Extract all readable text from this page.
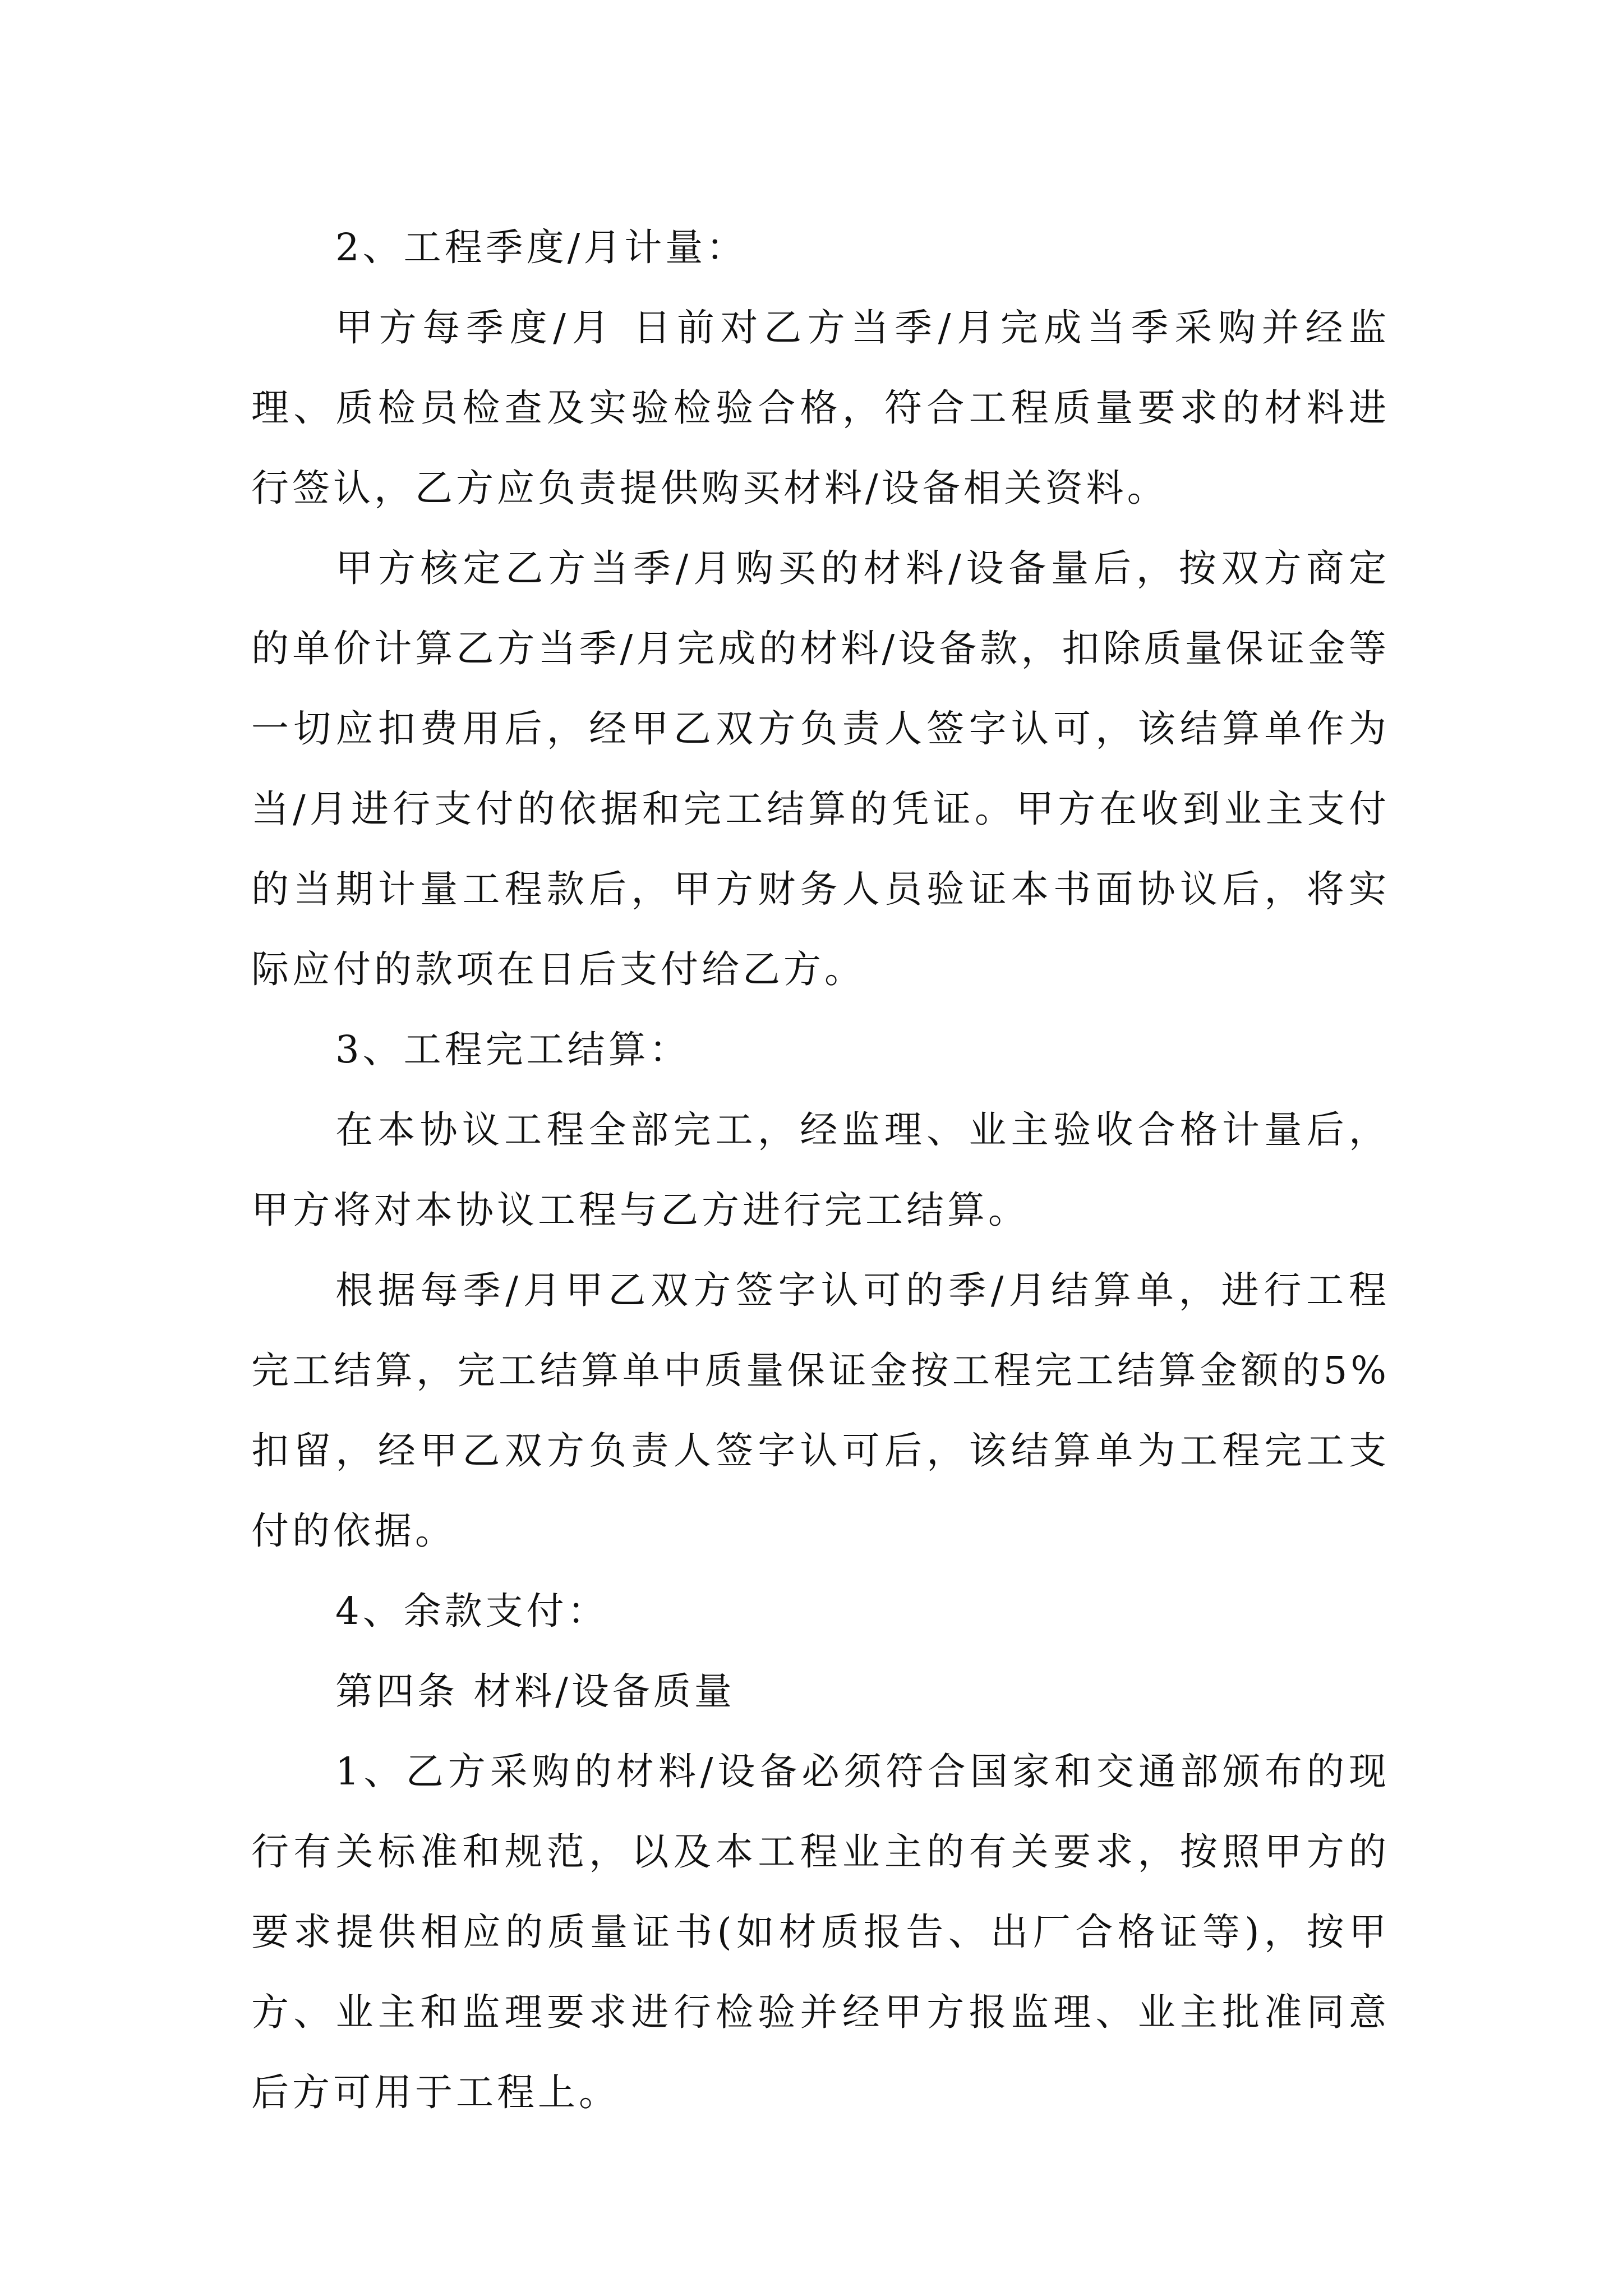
2、工程季度/月计量：

甲方每季度/月 日前对乙方当季/月完成当季采购并经监理、质检员检查及实验检验合格，符合工程质量要求的材料进行签认，乙方应负责提供购买材料/设备相关资料。

甲方核定乙方当季/月购买的材料/设备量后，按双方商定的单价计算乙方当季/月完成的材料/设备款，扣除质量保证金等一切应扣费用后，经甲乙双方负责人签字认可，该结算单作为当/月进行支付的依据和完工结算的凭证。甲方在收到业主支付的当期计量工程款后，甲方财务人员验证本书面协议后，将实际应付的款项在日后支付给乙方。

3、工程完工结算：

在本协议工程全部完工，经监理、业主验收合格计量后，甲方将对本协议工程与乙方进行完工结算。

根据每季/月甲乙双方签字认可的季/月结算单，进行工程完工结算，完工结算单中质量保证金按工程完工结算金额的5%扣留，经甲乙双方负责人签字认可后，该结算单为工程完工支付的依据。

4、余款支付：

第四条 材料/设备质量

1、乙方采购的材料/设备必须符合国家和交通部颁布的现行有关标准和规范，以及本工程业主的有关要求，按照甲方的要求提供相应的质量证书(如材质报告、出厂合格证等)，按甲方、业主和监理要求进行检验并经甲方报监理、业主批准同意后方可用于工程上。
